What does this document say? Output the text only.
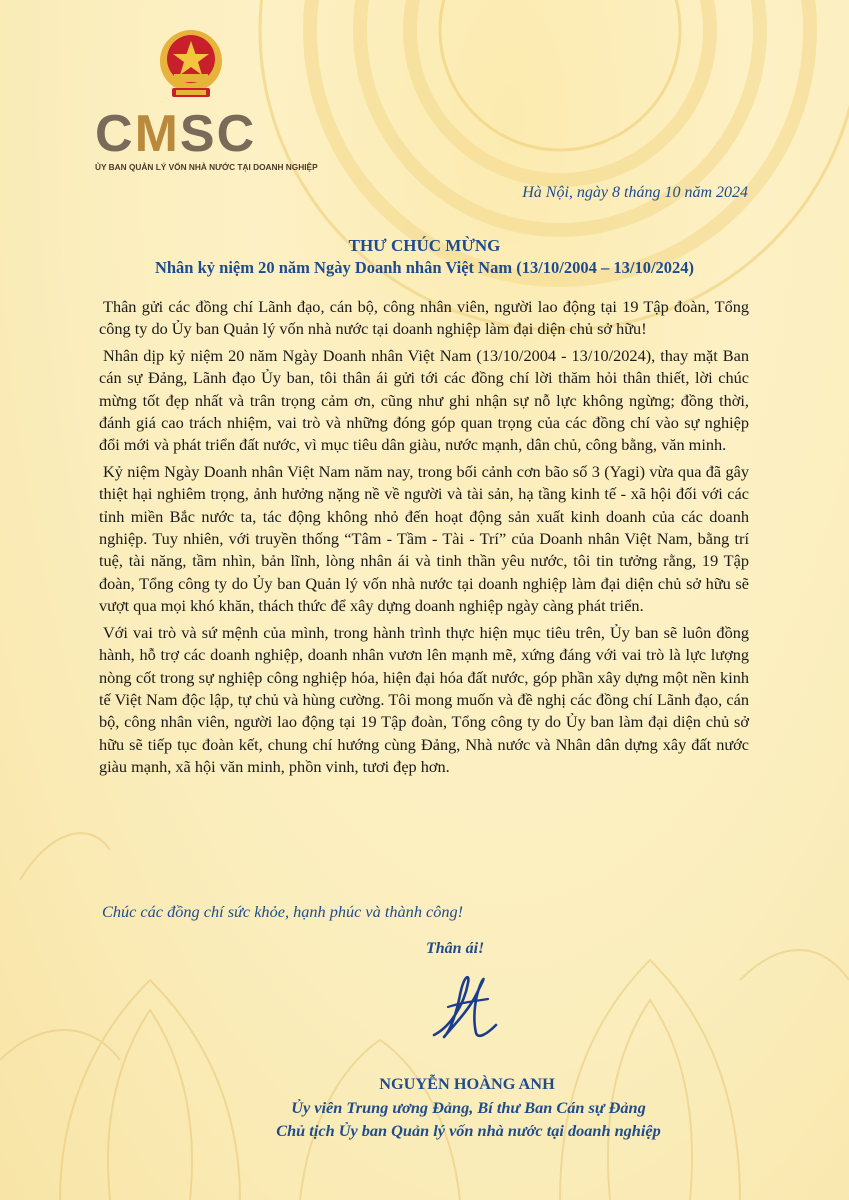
CMSC
ỦY BAN QUẢN LÝ VỐN NHÀ NƯỚC TẠI DOANH NGHIỆP
Hà Nội, ngày 8 tháng 10 năm 2024
THƯ CHÚC MỪNG
Nhân kỷ niệm 20 năm Ngày Doanh nhân Việt Nam (13/10/2004 – 13/10/2024)

Thân gửi các đồng chí Lãnh đạo, cán bộ, công nhân viên, người lao động tại 19 Tập đoàn, Tổng công ty do Ủy ban Quản lý vốn nhà nước tại doanh nghiệp làm đại diện chủ sở hữu!

Nhân dịp kỷ niệm 20 năm Ngày Doanh nhân Việt Nam (13/10/2004 - 13/10/2024), thay mặt Ban cán sự Đảng, Lãnh đạo Ủy ban, tôi thân ái gửi tới các đồng chí lời thăm hỏi thân thiết, lời chúc mừng tốt đẹp nhất và trân trọng cảm ơn, cũng như ghi nhận sự nỗ lực không ngừng; đồng thời, đánh giá cao trách nhiệm, vai trò và những đóng góp quan trọng của các đồng chí vào sự nghiệp đổi mới và phát triển đất nước, vì mục tiêu dân giàu, nước mạnh, dân chủ, công bằng, văn minh.

Kỷ niệm Ngày Doanh nhân Việt Nam năm nay, trong bối cảnh cơn bão số 3 (Yagi) vừa qua đã gây thiệt hại nghiêm trọng, ảnh hưởng nặng nề về người và tài sản, hạ tầng kinh tế - xã hội đối với các tỉnh miền Bắc nước ta, tác động không nhỏ đến hoạt động sản xuất kinh doanh của các doanh nghiệp. Tuy nhiên, với truyền thống “Tâm - Tầm - Tài - Trí” của Doanh nhân Việt Nam, bằng trí tuệ, tài năng, tầm nhìn, bản lĩnh, lòng nhân ái và tinh thần yêu nước, tôi tin tưởng rằng, 19 Tập đoàn, Tổng công ty do Ủy ban Quản lý vốn nhà nước tại doanh nghiệp làm đại diện chủ sở hữu sẽ vượt qua mọi khó khăn, thách thức để xây dựng doanh nghiệp ngày càng phát triển.

Với vai trò và sứ mệnh của mình, trong hành trình thực hiện mục tiêu trên, Ủy ban sẽ luôn đồng hành, hỗ trợ các doanh nghiệp, doanh nhân vươn lên mạnh mẽ, xứng đáng với vai trò là lực lượng nòng cốt trong sự nghiệp công nghiệp hóa, hiện đại hóa đất nước, góp phần xây dựng một nền kinh tế Việt Nam độc lập, tự chủ và hùng cường. Tôi mong muốn và đề nghị các đồng chí Lãnh đạo, cán bộ, công nhân viên, người lao động tại 19 Tập đoàn, Tổng công ty do Ủy ban làm đại diện chủ sở hữu sẽ tiếp tục đoàn kết, chung chí hướng cùng Đảng, Nhà nước và Nhân dân dựng xây đất nước giàu mạnh, xã hội văn minh, phồn vinh, tươi đẹp hơn.

Chúc các đồng chí sức khỏe, hạnh phúc và thành công!
Thân ái!
NGUYỄN HOÀNG ANH
Ủy viên Trung ương Đảng, Bí thư Ban Cán sự Đảng
Chủ tịch Ủy ban Quản lý vốn nhà nước tại doanh nghiệp
